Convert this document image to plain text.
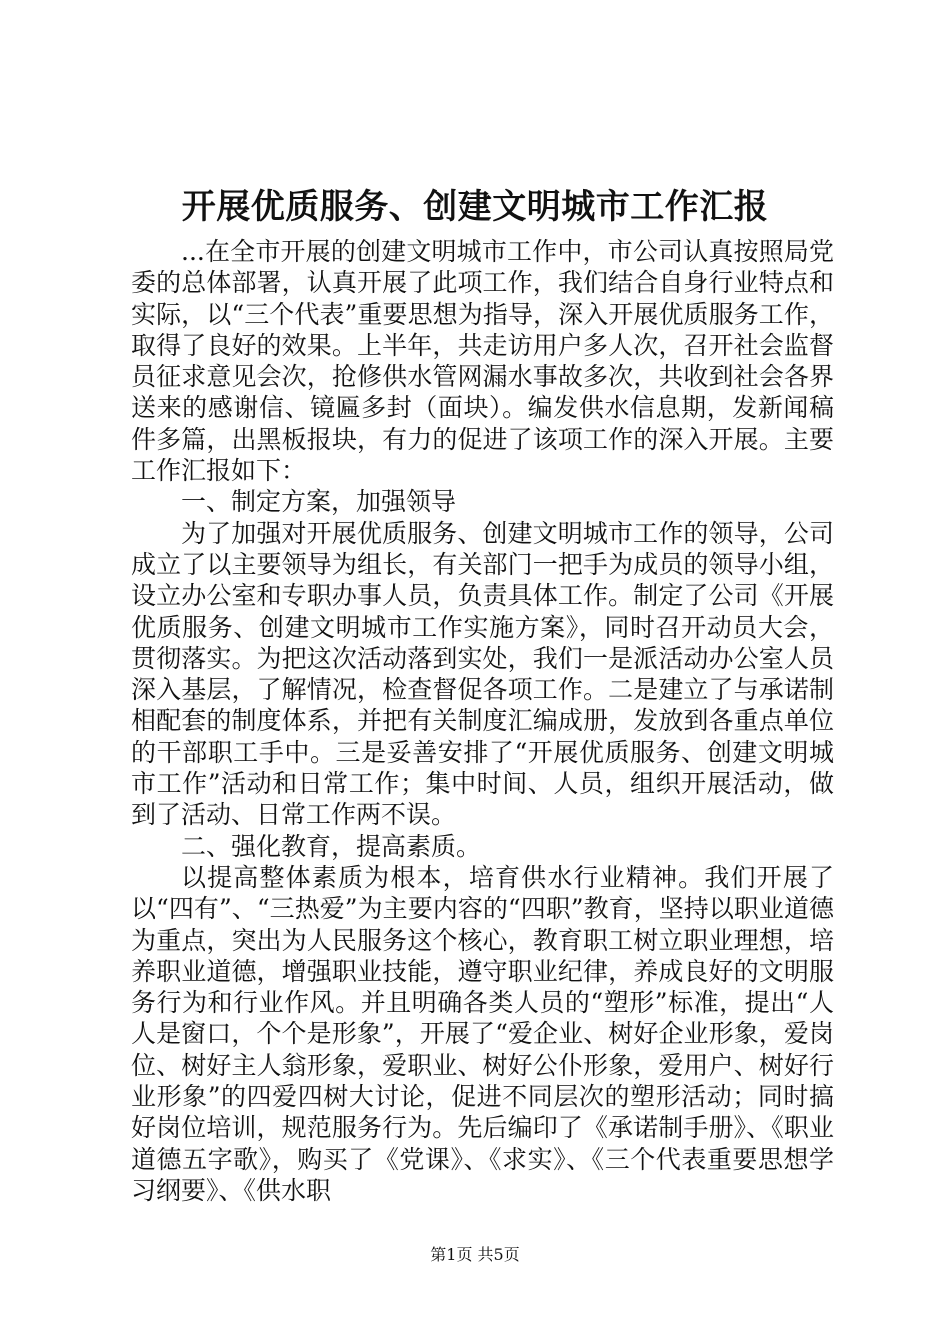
开展优质服务、创建文明城市工作汇报

...在全市开展的创建文明城市工作中，市公司认真按照局党委的总体部署，认真开展了此项工作，我们结合自身行业特点和实际，以“三个代表”重要思想为指导，深入开展优质服务工作，取得了良好的效果。上半年，共走访用户多人次，召开社会监督员征求意见会次，抢修供水管网漏水事故多次，共收到社会各界送来的感谢信、镜匾多封（面块）。编发供水信息期，发新闻稿件多篇，出黑板报块，有力的促进了该项工作的深入开展。主要工作汇报如下：

一、制定方案，加强领导

为了加强对开展优质服务、创建文明城市工作的领导，公司成立了以主要领导为组长，有关部门一把手为成员的领导小组，设立办公室和专职办事人员，负责具体工作。制定了公司《开展优质服务、创建文明城市工作实施方案》，同时召开动员大会，贯彻落实。为把这次活动落到实处，我们一是派活动办公室人员深入基层，了解情况，检查督促各项工作。二是建立了与承诺制相配套的制度体系，并把有关制度汇编成册，发放到各重点单位的干部职工手中。三是妥善安排了“开展优质服务、创建文明城市工作”活动和日常工作；集中时间、人员，组织开展活动，做到了活动、日常工作两不误。

二、强化教育，提高素质。

以提高整体素质为根本，培育供水行业精神。我们开展了以“四有”、“三热爱”为主要内容的“四职”教育，坚持以职业道德为重点，突出为人民服务这个核心，教育职工树立职业理想，培养职业道德，增强职业技能，遵守职业纪律，养成良好的文明服务行为和行业作风。并且明确各类人员的“塑形”标准，提出“人人是窗口，个个是形象”，开展了“爱企业、树好企业形象，爱岗位、树好主人翁形象，爱职业、树好公仆形象，爱用户、树好行业形象”的四爱四树大讨论，促进不同层次的塑形活动；同时搞好岗位培训，规范服务行为。先后编印了《承诺制手册》、《职业道德五字歌》，购买了《党课》、《求实》、《三个代表重要思想学习纲要》、《供水职

第1页 共5页
